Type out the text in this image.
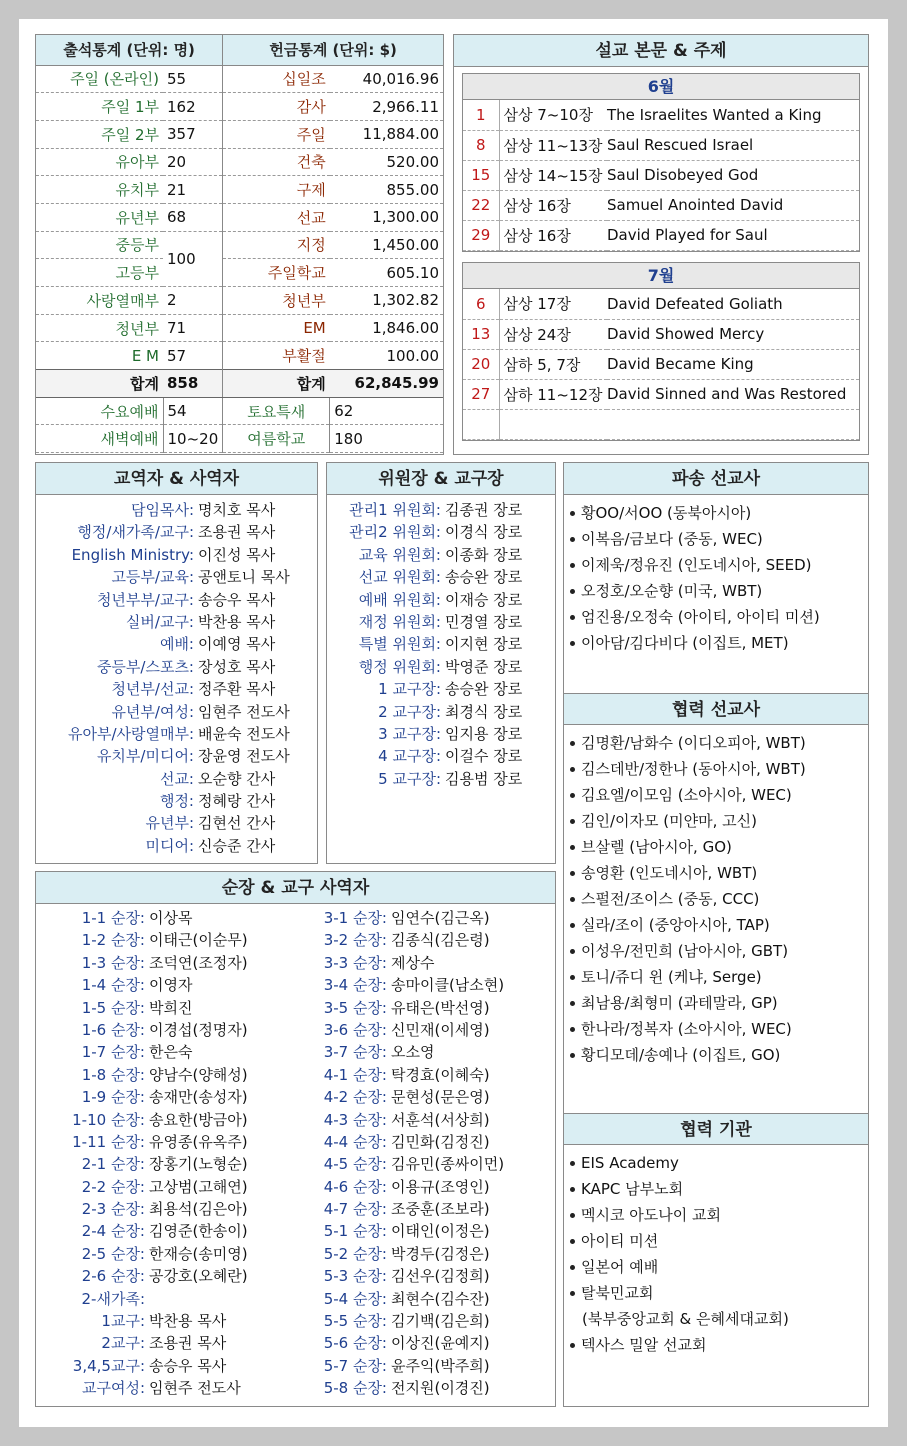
출석통계 (단위: 명)		헌금통계 (단위: $)	
주일 (온라인)	55	십일조	40,016.96
주일 1부	162	감사	2,966.11
주일 2부	357	주일	11,884.00
유아부	20	건축	520.00
유치부	21	구제	855.00
유년부	68	선교	1,300.00
중등부	100	지정	1,450.00
고등부		주일학교	605.10
사랑열매부	2	청년부	1,302.82
청년부	71	EM	1,846.00
E M	57	부활절	100.00
합계	858	합계	62,845.99
수요예배	54	토요특새	62
새벽예배	10~20	여름학교	180
설교 본문 & 주제
6월
1	삼상 7~10장	The Israelites Wanted a King
8	삼상 11~13장	Saul Rescued Israel
15	삼상 14~15장	Saul Disobeyed God
22	삼상 16장	Samuel Anointed David
29	삼상 16장	David Played for Saul
7월
6	삼상 17장	David Defeated Goliath
13	삼상 24장	David Showed Mercy
20	삼하 5, 7장	David Became King
27	삼하 11~12장	David Sinned and Was Restored

교역자 & 사역자
담임목사: 명치호 목사
행정/새가족/교구: 조용권 목사
English Ministry: 이진성 목사
고등부/교육: 공앤토니 목사
청년부부/교구: 송승우 목사
실버/교구: 박찬용 목사
예배: 이예영 목사
중등부/스포츠: 장성호 목사
청년부/선교: 정주환 목사
유년부/여성: 임현주 전도사
유아부/사랑열매부: 배윤숙 전도사
유치부/미디어: 장윤영 전도사
선교: 오순향 간사
행정: 정혜랑 간사
유년부: 김현선 간사
미디어: 신승준 간사
위원장 & 교구장
관리1 위원회: 김종권 장로
관리2 위원회: 이경식 장로
교육 위원회: 이종화 장로
선교 위원회: 송승완 장로
예배 위원회: 이재승 장로
재정 위원회: 민경열 장로
특별 위원회: 이지현 장로
행정 위원회: 박영준 장로
1 교구장: 송승완 장로
2 교구장: 최경식 장로
3 교구장: 임지용 장로
4 교구장: 이걸수 장로
5 교구장: 김용범 장로
순장 & 교구 사역자
1-1 순장: 이상목
1-2 순장: 이태근(이순무)
1-3 순장: 조덕연(조정자)
1-4 순장: 이영자
1-5 순장: 박희진
1-6 순장: 이경섭(정명자)
1-7 순장: 한은숙
1-8 순장: 양남수(양해성)
1-9 순장: 송재만(송성자)
1-10 순장: 송요한(방금아)
1-11 순장: 유영종(유옥주)
2-1 순장: 장홍기(노형순)
2-2 순장: 고상범(고해연)
2-3 순장: 최용석(김은아)
2-4 순장: 김영준(한송이)
2-5 순장: 한재승(송미영)
2-6 순장: 공강호(오혜란)
2-새가족:
1교구: 박찬용 목사
2교구: 조용권 목사
3,4,5교구: 송승우 목사
교구여성: 임현주 전도사
3-1 순장: 임연수(김근옥)
3-2 순장: 김종식(김은령)
3-3 순장: 제상수
3-4 순장: 송마이클(남소현)
3-5 순장: 유태은(박선영)
3-6 순장: 신민재(이세영)
3-7 순장: 오소영
4-1 순장: 탁경효(이혜숙)
4-2 순장: 문현성(문은영)
4-3 순장: 서훈석(서상희)
4-4 순장: 김민화(김정진)
4-5 순장: 김유민(종싸이먼)
4-6 순장: 이용규(조영인)
4-7 순장: 조중훈(조보라)
5-1 순장: 이태인(이정은)
5-2 순장: 박경두(김정은)
5-3 순장: 김선우(김정희)
5-4 순장: 최현수(김수잔)
5-5 순장: 김기백(김은희)
5-6 순장: 이상진(윤예지)
5-7 순장: 윤주익(박주희)
5-8 순장: 전지원(이경진)
파송 선교사
황OO/서OO (동북아시아)
이복음/금보다 (중동, WEC)
이제욱/정유진 (인도네시아, SEED)
오정호/오순향 (미국, WBT)
엄진용/오정숙 (아이티, 아이티 미션)
이아담/김다비다 (이집트, MET)
협력 선교사
김명환/남화수 (이디오피아, WBT)
김스데반/정한나 (동아시아, WBT)
김요엘/이모임 (소아시아, WEC)
김인/이자모 (미얀마, 고신)
브살렐 (남아시아, GO)
송영환 (인도네시아, WBT)
스펄전/조이스 (중동, CCC)
실라/조이 (중앙아시아, TAP)
이성우/전민희 (남아시아, GBT)
토니/쥬디 윈 (케냐, Serge)
최남용/최형미 (과테말라, GP)
한나라/정복자 (소아시아, WEC)
황디모데/송예나 (이집트, GO)
협력 기관
EIS Academy
KAPC 남부노회
멕시코 아도나이 교회
아이티 미션
일본어 예배
탈북민교회
(북부중앙교회 & 은혜세대교회)
텍사스 밀알 선교회
